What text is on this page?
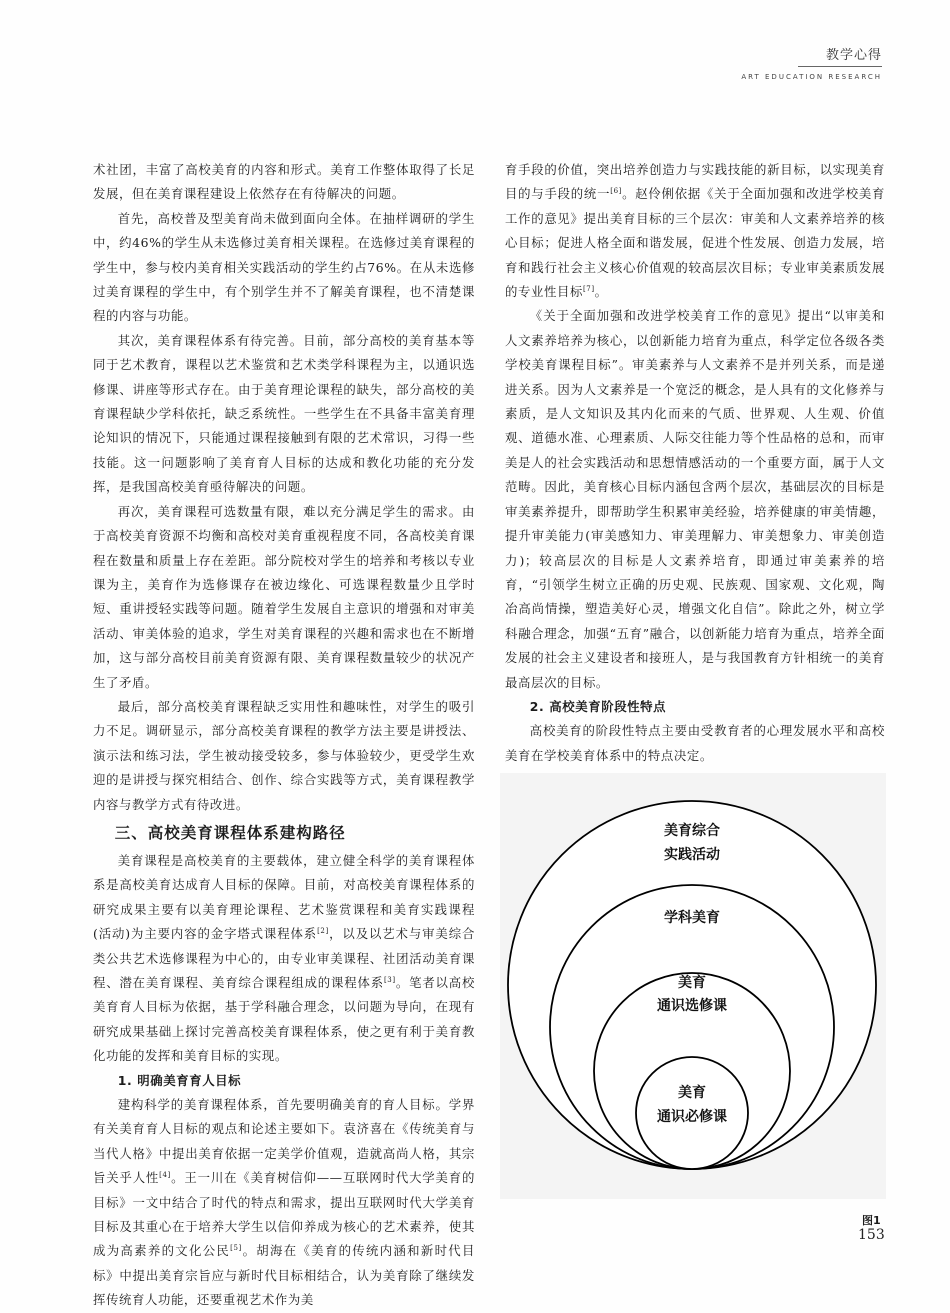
教学心得
ART EDUCATION RESEARCH

术社团，丰富了高校美育的内容和形式。美育工作整体取得了长足发展，但在美育课程建设上依然存在有待解决的问题。

首先，高校普及型美育尚未做到面向全体。在抽样调研的学生中，约46%的学生从未选修过美育相关课程。在选修过美育课程的学生中，参与校内美育相关实践活动的学生约占76%。在从未选修过美育课程的学生中，有个别学生并不了解美育课程，也不清楚课程的内容与功能。

其次，美育课程体系有待完善。目前，部分高校的美育基本等同于艺术教育，课程以艺术鉴赏和艺术类学科课程为主，以通识选修课、讲座等形式存在。由于美育理论课程的缺失，部分高校的美育课程缺少学科依托，缺乏系统性。一些学生在不具备丰富美育理论知识的情况下，只能通过课程接触到有限的艺术常识，习得一些技能。这一问题影响了美育育人目标的达成和教化功能的充分发挥，是我国高校美育亟待解决的问题。

再次，美育课程可选数量有限，难以充分满足学生的需求。由于高校美育资源不均衡和高校对美育重视程度不同，各高校美育课程在数量和质量上存在差距。部分院校对学生的培养和考核以专业课为主，美育作为选修课存在被边缘化、可选课程数量少且学时短、重讲授轻实践等问题。随着学生发展自主意识的增强和对审美活动、审美体验的追求，学生对美育课程的兴趣和需求也在不断增加，这与部分高校目前美育资源有限、美育课程数量较少的状况产生了矛盾。

最后，部分高校美育课程缺乏实用性和趣味性，对学生的吸引力不足。调研显示，部分高校美育课程的教学方法主要是讲授法、演示法和练习法，学生被动接受较多，参与体验较少，更受学生欢迎的是讲授与探究相结合、创作、综合实践等方式，美育课程教学内容与教学方式有待改进。

三、高校美育课程体系建构路径

美育课程是高校美育的主要载体，建立健全科学的美育课程体系是高校美育达成育人目标的保障。目前，对高校美育课程体系的研究成果主要有以美育理论课程、艺术鉴赏课程和美育实践课程(活动)为主要内容的金字塔式课程体系[2]，以及以艺术与审美综合类公共艺术选修课程为中心的，由专业审美课程、社团活动美育课程、潜在美育课程、美育综合课程组成的课程体系[3]。笔者以高校美育育人目标为依据，基于学科融合理念，以问题为导向，在现有研究成果基础上探讨完善高校美育课程体系，使之更有利于美育教化功能的发挥和美育目标的实现。

1. 明确美育育人目标

建构科学的美育课程体系，首先要明确美育的育人目标。学界有关美育育人目标的观点和论述主要如下。袁济喜在《传统美育与当代人格》中提出美育依据一定美学价值观，造就高尚人格，其宗旨关乎人性[4]。王一川在《美育树信仰——互联网时代大学美育的目标》一文中结合了时代的特点和需求，提出互联网时代大学美育目标及其重心在于培养大学生以信仰养成为核心的艺术素养，使其成为高素养的文化公民[5]。胡海在《美育的传统内涵和新时代目标》中提出美育宗旨应与新时代目标相结合，认为美育除了继续发挥传统育人功能，还要重视艺术作为美

育手段的价值，突出培养创造力与实践技能的新目标，以实现美育目的与手段的统一[6]。赵伶俐依据《关于全面加强和改进学校美育工作的意见》提出美育目标的三个层次：审美和人文素养培养的核心目标；促进人格全面和谐发展，促进个性发展、创造力发展，培育和践行社会主义核心价值观的较高层次目标；专业审美素质发展的专业性目标[7]。

《关于全面加强和改进学校美育工作的意见》提出“以审美和人文素养培养为核心，以创新能力培育为重点，科学定位各级各类学校美育课程目标”。审美素养与人文素养不是并列关系，而是递进关系。因为人文素养是一个宽泛的概念，是人具有的文化修养与素质，是人文知识及其内化而来的气质、世界观、人生观、价值观、道德水准、心理素质、人际交往能力等个性品格的总和，而审美是人的社会实践活动和思想情感活动的一个重要方面，属于人文范畴。因此，美育核心目标内涵包含两个层次，基础层次的目标是审美素养提升，即帮助学生积累审美经验，培养健康的审美情趣，提升审美能力(审美感知力、审美理解力、审美想象力、审美创造力)；较高层次的目标是人文素养培育，即通过审美素养的培育，“引领学生树立正确的历史观、民族观、国家观、文化观，陶冶高尚情操，塑造美好心灵，增强文化自信”。除此之外，树立学科融合理念，加强“五育”融合，以创新能力培育为重点，培养全面发展的社会主义建设者和接班人，是与我国教育方针相统一的美育最高层次的目标。

2. 高校美育阶段性特点

高校美育的阶段性特点主要由受教育者的心理发展水平和高校美育在学校美育体系中的特点决定。

美育综合
实践活动
学科美育
美育
通识选修课
美育
通识必修课
图1
153
